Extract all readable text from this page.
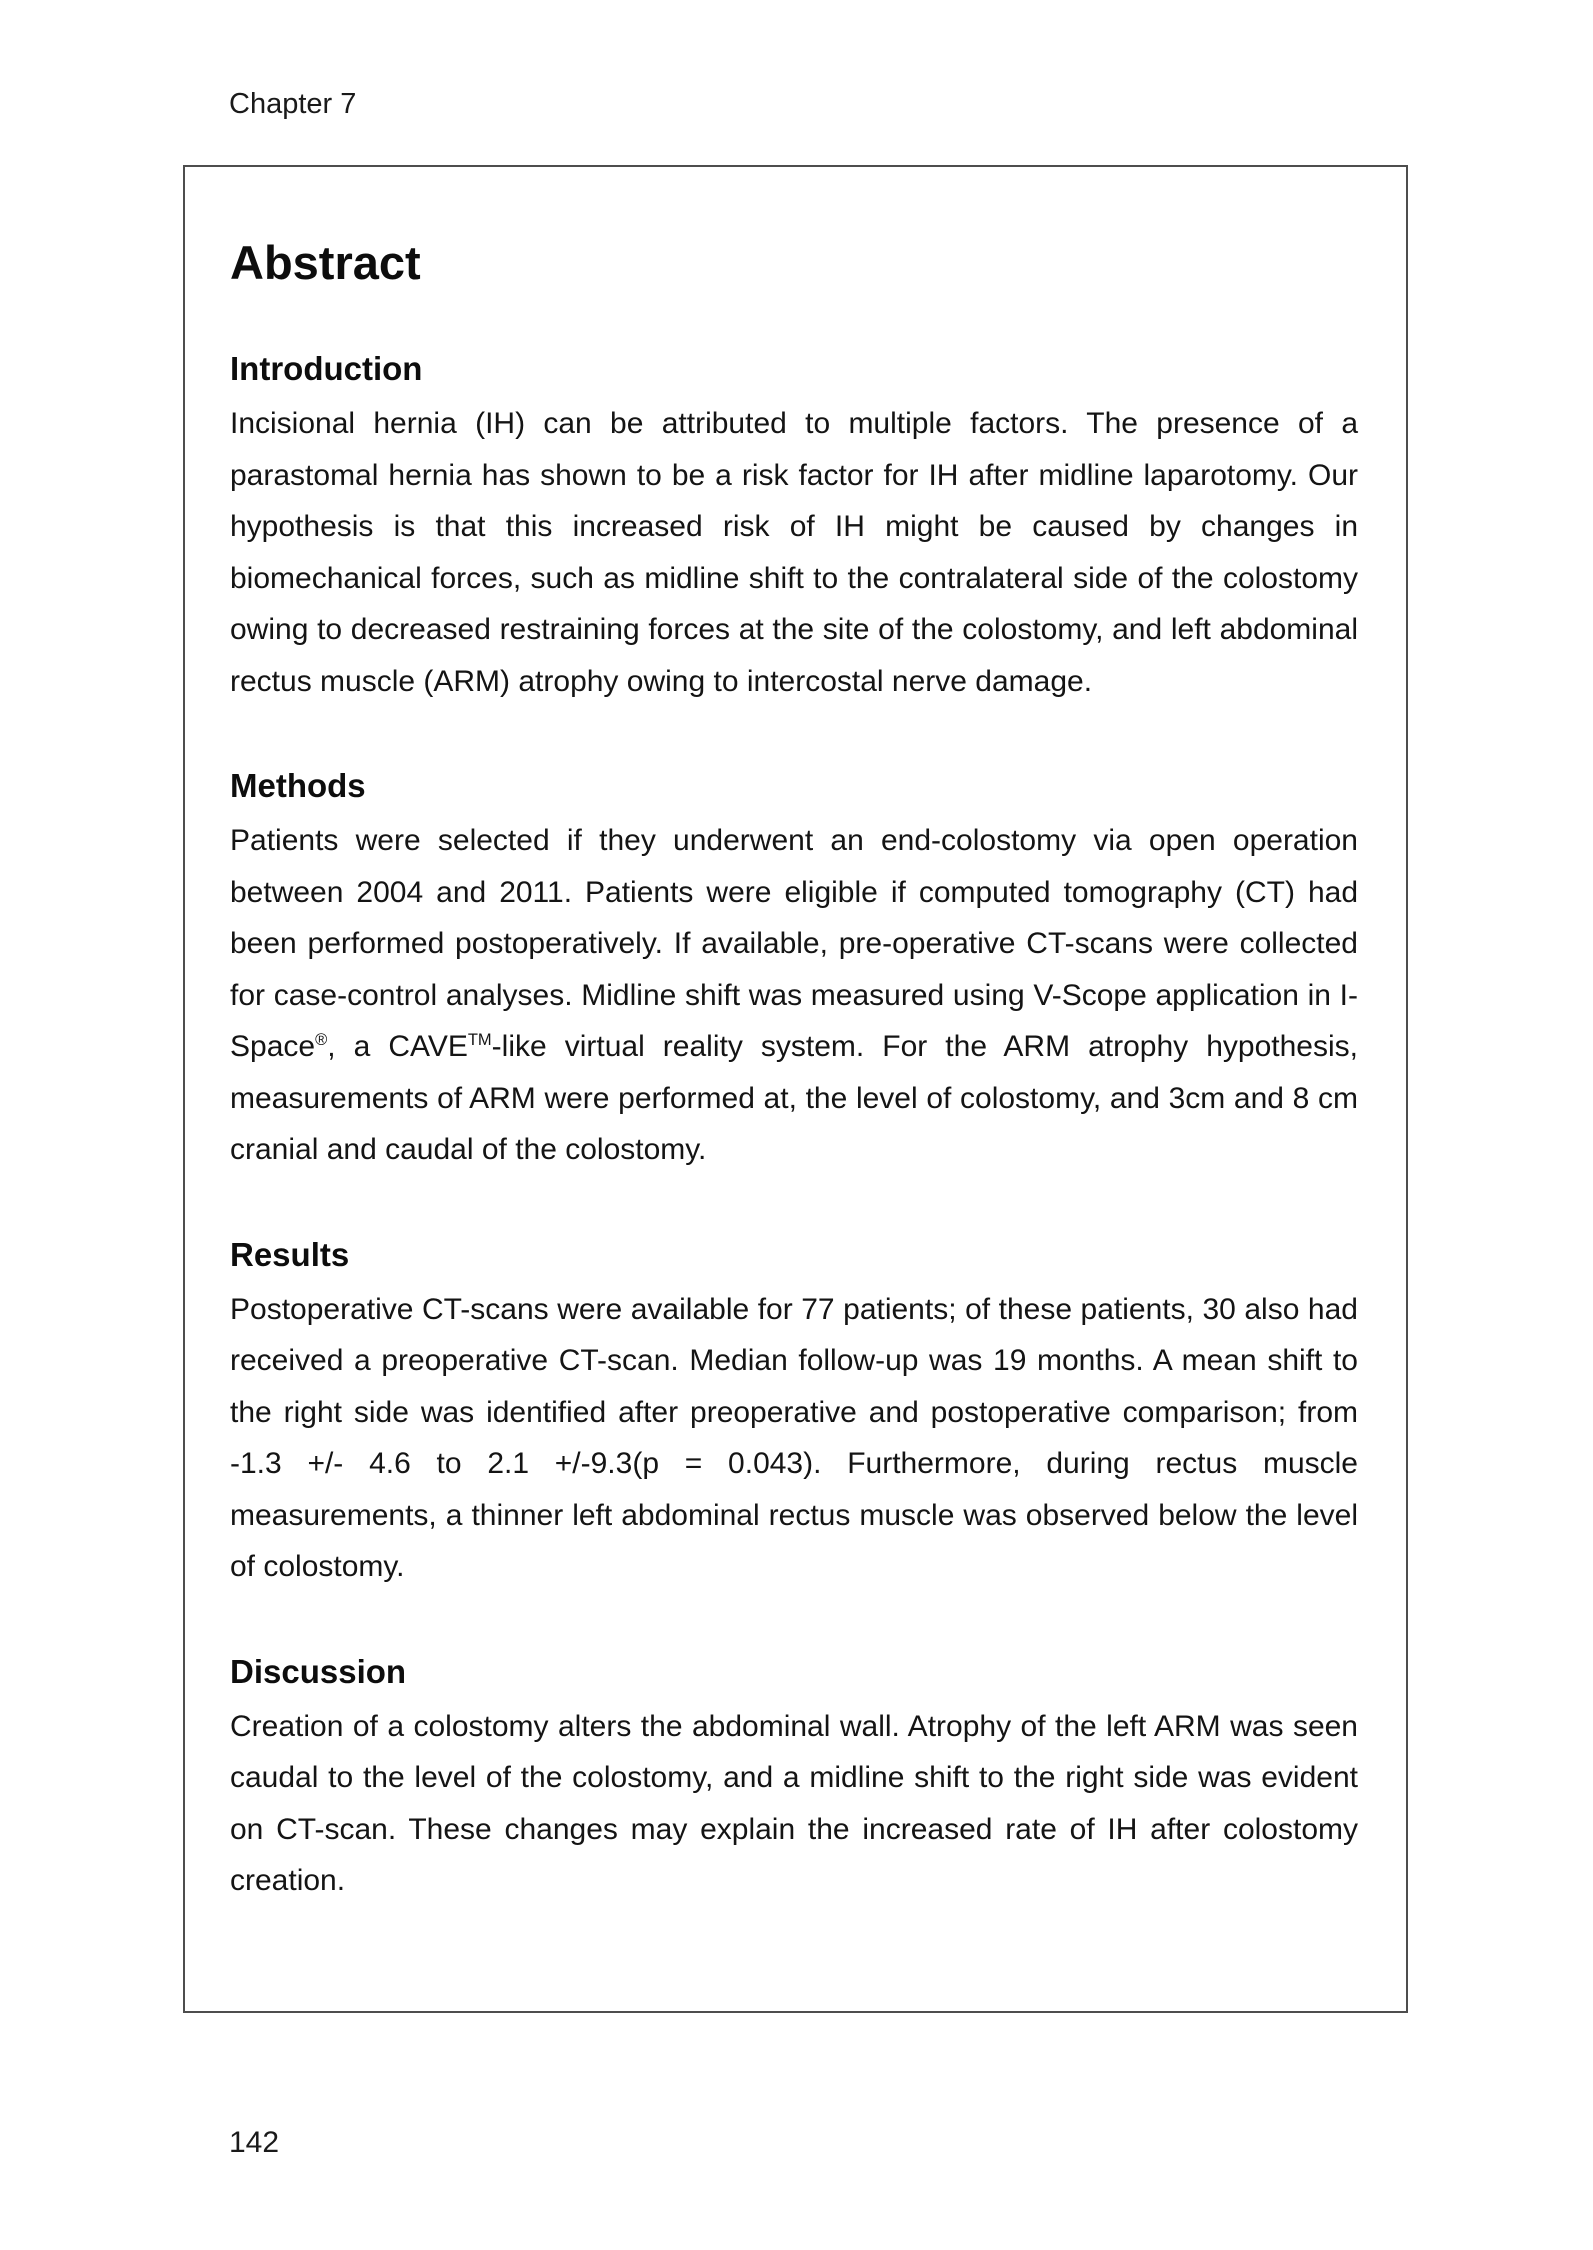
Chapter 7
Abstract
Introduction

Incisional hernia (IH) can be attributed to multiple factors. The presence of a parastomal hernia has shown to be a risk factor for IH after midline laparotomy. Our hypothesis is that this increased risk of IH might be caused by changes in biomechanical forces, such as midline shift to the contralateral side of the colostomy owing to decreased restraining forces at the site of the colostomy, and left abdominal rectus muscle (ARM) atrophy owing to intercostal nerve damage.

Methods

Patients were selected if they underwent an end-colostomy via open operation between 2004 and 2011. Patients were eligible if computed tomography (CT) had been performed postoperatively. If available, pre-operative CT-scans were collected for case-control analyses. Midline shift was measured using V-Scope application in I-Space®, a CAVE™-like virtual reality system. For the ARM atrophy hypothesis, measurements of ARM were performed at, the level of colostomy, and 3cm and 8 cm cranial and caudal of the colostomy.

Results

Postoperative CT-scans were available for 77 patients; of these patients, 30 also had received a preoperative CT-scan. Median follow-up was 19 months. A mean shift to the right side was identified after preoperative and postoperative comparison; from -1.3 +/- 4.6 to 2.1 +/-9.3(p = 0.043). Furthermore, during rectus muscle measurements, a thinner left abdominal rectus muscle was observed below the level of colostomy.

Discussion

Creation of a colostomy alters the abdominal wall. Atrophy of the left ARM was seen caudal to the level of the colostomy, and a midline shift to the right side was evident on CT-scan. These changes may explain the increased rate of IH after colostomy creation.

142
